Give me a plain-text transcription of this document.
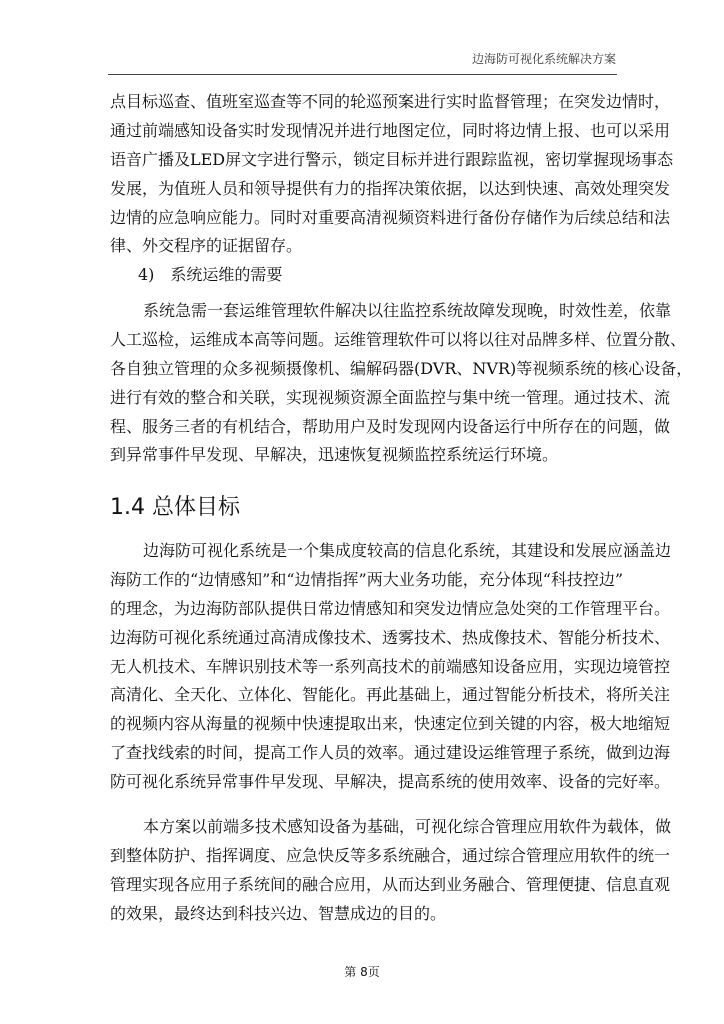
边海防可视化系统解决方案
点目标巡查、值班室巡查等不同的轮巡预案进行实时监督管理；在突发边情时，
通过前端感知设备实时发现情况并进行地图定位，同时将边情上报、也可以采用
语音广播及LED屏文字进行警示，锁定目标并进行跟踪监视，密切掌握现场事态
发展，为值班人员和领导提供有力的指挥决策依据，以达到快速、高效处理突发
边情的应急响应能力。同时对重要高清视频资料进行备份存储作为后续总结和法
律、外交程序的证据留存。
4)　系统运维的需要
系统急需一套运维管理软件解决以往监控系统故障发现晚，时效性差，依靠
人工巡检，运维成本高等问题。运维管理软件可以将以往对品牌多样、位置分散、
各自独立管理的众多视频摄像机、编解码器(DVR、NVR)等视频系统的核心设备，
进行有效的整合和关联，实现视频资源全面监控与集中统一管理。通过技术、流
程、服务三者的有机结合，帮助用户及时发现网内设备运行中所存在的问题，做
到异常事件早发现、早解决，迅速恢复视频监控系统运行环境。
1.4 总体目标
边海防可视化系统是一个集成度较高的信息化系统，其建设和发展应涵盖边
海防工作的“边情感知”和“边情指挥”两大业务功能，充分体现“科技控边”
的理念，为边海防部队提供日常边情感知和突发边情应急处突的工作管理平台。
边海防可视化系统通过高清成像技术、透雾技术、热成像技术、智能分析技术、
无人机技术、车牌识别技术等一系列高技术的前端感知设备应用，实现边境管控
高清化、全天化、立体化、智能化。再此基础上，通过智能分析技术，将所关注
的视频内容从海量的视频中快速提取出来，快速定位到关键的内容，极大地缩短
了查找线索的时间，提高工作人员的效率。通过建设运维管理子系统，做到边海
防可视化系统异常事件早发现、早解决，提高系统的使用效率、设备的完好率。
本方案以前端多技术感知设备为基础，可视化综合管理应用软件为载体，做
到整体防护、指挥调度、应急快反等多系统融合，通过综合管理应用软件的统一
管理实现各应用子系统间的融合应用，从而达到业务融合、管理便捷、信息直观
的效果，最终达到科技兴边、智慧成边的目的。
第 8页
